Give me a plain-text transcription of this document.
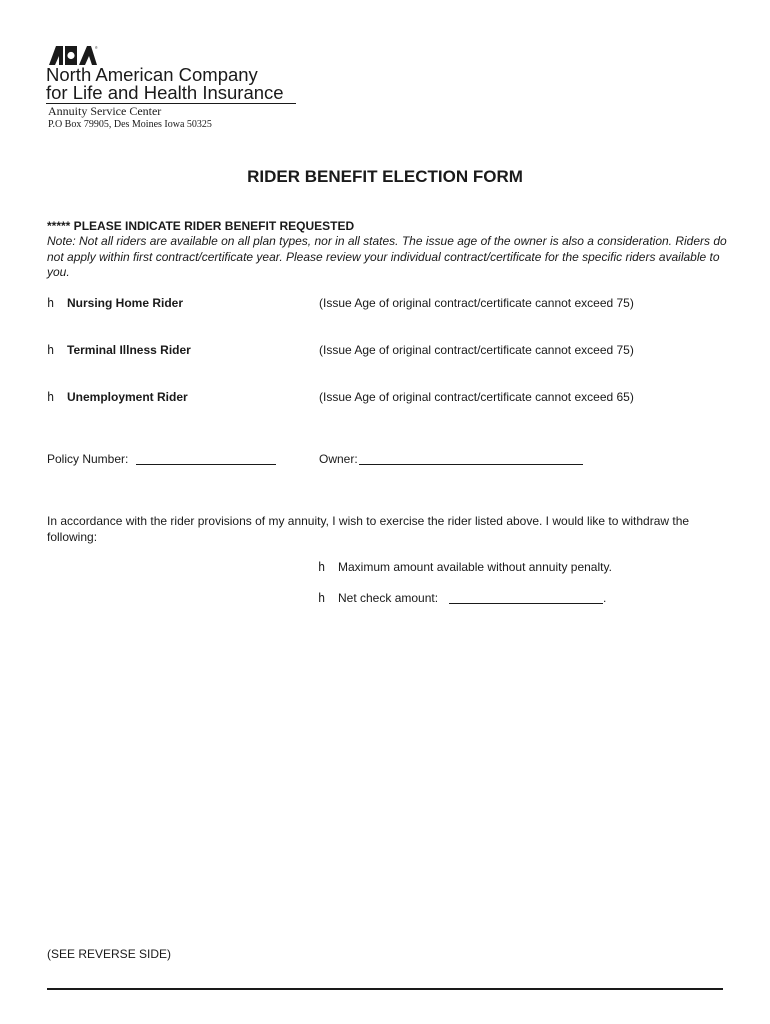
®
North American Company
for Life and Health Insurance
Annuity Service Center
P.O Box 79905, Des Moines Iowa 50325
RIDER BENEFIT ELECTION FORM
***** PLEASE INDICATE RIDER BENEFIT REQUESTED
Note: Not all riders are available on all plan types, nor in all states. The issue age of the owner is also a consideration. Riders do not apply within first contract/certificate year. Please review your individual contract/certificate for the specific riders available to you.
h Nursing Home Rider	(Issue Age of original contract/certificate cannot exceed 75)
h Terminal Illness Rider	(Issue Age of original contract/certificate cannot exceed 75)
h Unemployment Rider	(Issue Age of original contract/certificate cannot exceed 65)
Policy Number:	Owner:
In accordance with the rider provisions of my annuity, I wish to exercise the rider listed above. I would like to withdraw the following:
h Maximum amount available without annuity penalty.
h Net check amount:	.
(SEE REVERSE SIDE)
